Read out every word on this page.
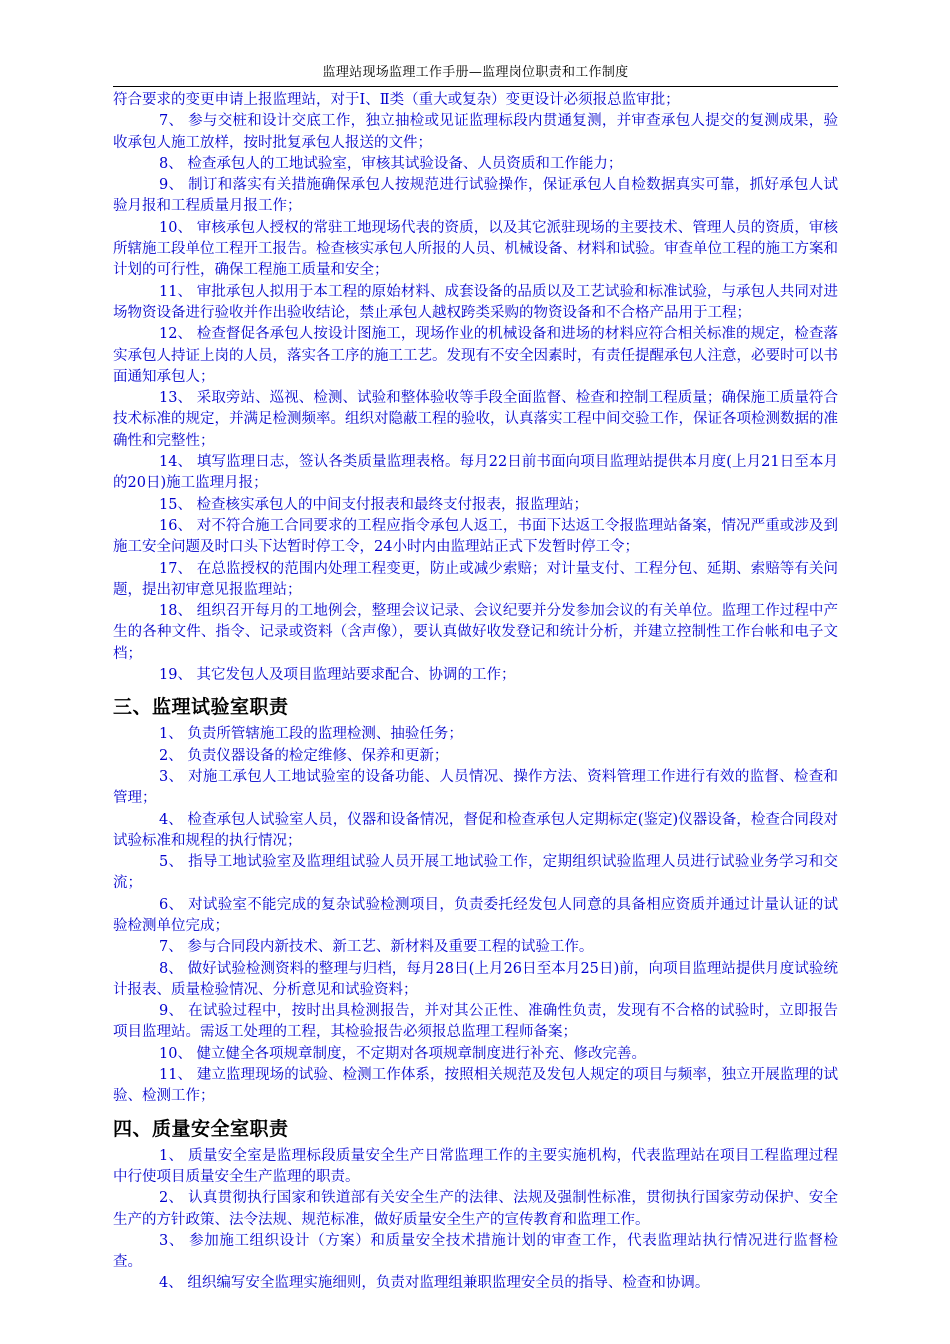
监理站现场监理工作手册—监理岗位职责和工作制度

符合要求的变更申请上报监理站，对于Ⅰ、Ⅱ类（重大或复杂）变更设计必须报总监审批；

7、 参与交桩和设计交底工作，独立抽检或见证监理标段内贯通复测，并审查承包人提交的复测成果，验收承包人施工放样，按时批复承包人报送的文件；

8、 检查承包人的工地试验室，审核其试验设备、人员资质和工作能力；

9、 制订和落实有关措施确保承包人按规范进行试验操作，保证承包人自检数据真实可靠，抓好承包人试验月报和工程质量月报工作；

10、 审核承包人授权的常驻工地现场代表的资质，以及其它派驻现场的主要技术、管理人员的资质，审核所辖施工段单位工程开工报告。检查核实承包人所报的人员、机械设备、材料和试验。审查单位工程的施工方案和计划的可行性，确保工程施工质量和安全；

11、 审批承包人拟用于本工程的原始材料、成套设备的品质以及工艺试验和标准试验，与承包人共同对进场物资设备进行验收并作出验收结论，禁止承包人越权跨类采购的物资设备和不合格产品用于工程；

12、 检查督促各承包人按设计图施工，现场作业的机械设备和进场的材料应符合相关标准的规定，检查落实承包人持证上岗的人员，落实各工序的施工工艺。发现有不安全因素时，有责任提醒承包人注意，必要时可以书面通知承包人；

13、 采取旁站、巡视、检测、试验和整体验收等手段全面监督、检查和控制工程质量；确保施工质量符合技术标准的规定，并满足检测频率。组织对隐蔽工程的验收，认真落实工程中间交验工作，保证各项检测数据的准确性和完整性；

14、 填写监理日志，签认各类质量监理表格。每月22日前书面向项目监理站提供本月度(上月21日至本月的20日)施工监理月报；

15、 检查核实承包人的中间支付报表和最终支付报表，报监理站；

16、 对不符合施工合同要求的工程应指令承包人返工，书面下达返工令报监理站备案，情况严重或涉及到施工安全问题及时口头下达暂时停工令，24小时内由监理站正式下发暂时停工令；

17、 在总监授权的范围内处理工程变更，防止或减少索赔；对计量支付、工程分包、延期、索赔等有关问题，提出初审意见报监理站；

18、 组织召开每月的工地例会，整理会议记录、会议纪要并分发参加会议的有关单位。监理工作过程中产生的各种文件、指令、记录或资料（含声像），要认真做好收发登记和统计分析，并建立控制性工作台帐和电子文档；

19、 其它发包人及项目监理站要求配合、协调的工作；

三、监理试验室职责

1、 负责所管辖施工段的监理检测、抽验任务；

2、 负责仪器设备的检定维修、保养和更新；

3、 对施工承包人工地试验室的设备功能、人员情况、操作方法、资料管理工作进行有效的监督、检查和管理；

4、 检查承包人试验室人员，仪器和设备情况，督促和检查承包人定期标定(鉴定)仪器设备，检查合同段对试验标准和规程的执行情况；

5、 指导工地试验室及监理组试验人员开展工地试验工作，定期组织试验监理人员进行试验业务学习和交流；

6、 对试验室不能完成的复杂试验检测项目，负责委托经发包人同意的具备相应资质并通过计量认证的试验检测单位完成；

7、 参与合同段内新技术、新工艺、新材料及重要工程的试验工作。

8、 做好试验检测资料的整理与归档，每月28日(上月26日至本月25日)前，向项目监理站提供月度试验统计报表、质量检验情况、分析意见和试验资料；

9、 在试验过程中，按时出具检测报告，并对其公正性、准确性负责，发现有不合格的试验时，立即报告项目监理站。需返工处理的工程，其检验报告必须报总监理工程师备案；

10、 健立健全各项规章制度，不定期对各项规章制度进行补充、修改完善。

11、 建立监理现场的试验、检测工作体系，按照相关规范及发包人规定的项目与频率，独立开展监理的试验、检测工作；

四、质量安全室职责

1、 质量安全室是监理标段质量安全生产日常监理工作的主要实施机构，代表监理站在项目工程监理过程中行使项目质量安全生产监理的职责。

2、 认真贯彻执行国家和铁道部有关安全生产的法律、法规及强制性标准，贯彻执行国家劳动保护、安全生产的方针政策、法令法规、规范标准，做好质量安全生产的宣传教育和监理工作。

3、 参加施工组织设计（方案）和质量安全技术措施计划的审查工作，代表监理站执行情况进行监督检查。

4、 组织编写安全监理实施细则，负责对监理组兼职监理安全员的指导、检查和协调。
